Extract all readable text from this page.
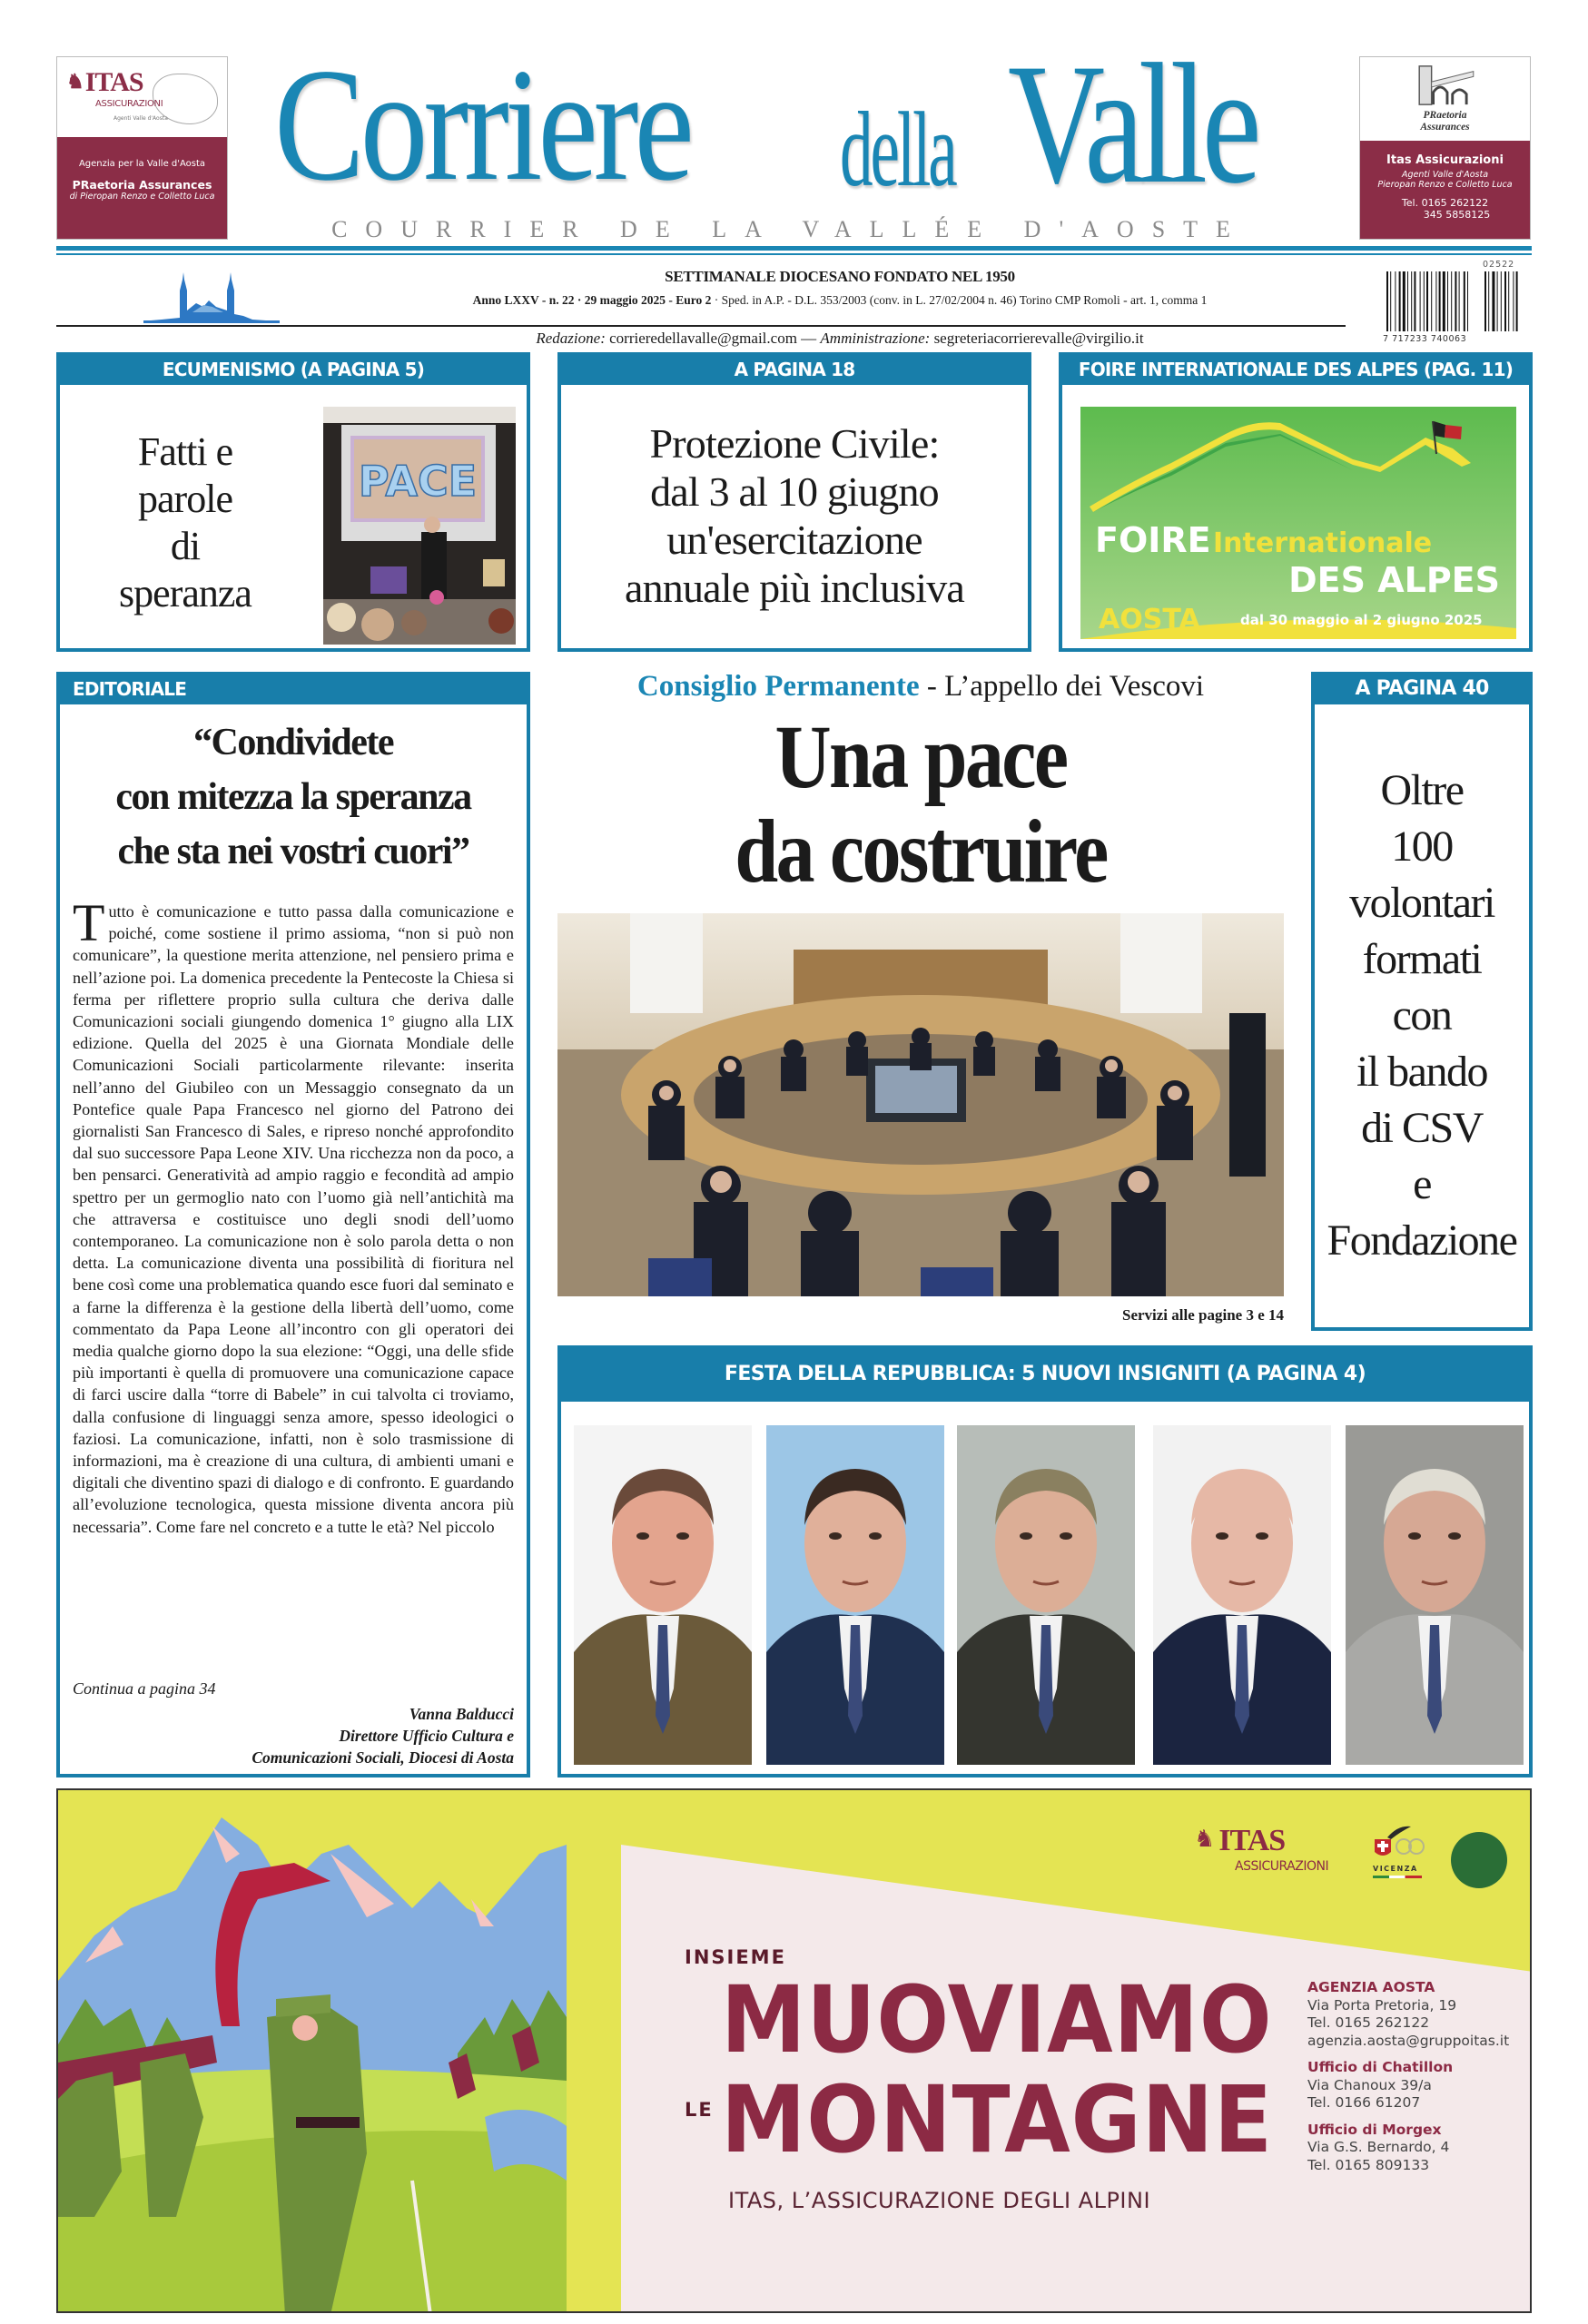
♞ITAS
ASSICURAZIONI
Agenti Valle d'Aosta
Agenzia per la Valle d'Aosta
PRaetoria Assurances
di Pieropan Renzo e Colletto Luca Corriere della Valle
COURRIER DE LA VALLÉE D'AOSTE
PRaetoria
Assurances
Itas Assicurazioni
Agenti Valle d'Aosta
Pieropan Renzo e Colletto Luca
Tel. 0165 262122
345 5858125
SETTIMANALE DIOCESANO FONDATO NEL 1950
Anno LXXV - n. 22 · 29 maggio 2025 - Euro 2 · Sped. in A.P. - D.L. 353/2003 (conv. in L. 27/02/2004 n. 46) Torino CMP Romoli - art. 1, comma 1
Redazione: corrieredellavalle@gmail.com — Amministrazione: segreteriacorrierevalle@virgilio.it
02522
7 717233 740063
ECUMENISMO (A PAGINA 5)
Fatti e
parole
di
speranza
PACE
A PAGINA 18
Protezione Civile:
dal 3 al 10 giugno
un'esercitazione
annuale più inclusiva
FOIRE INTERNATIONALE DES ALPES (PAG. 11)
FOIRE Internationale
DES ALPES
AOSTA	dal 30 maggio al 2 giugno 2025
EDITORIALE
“Condividete
con mitezza la speranza
che sta nei vostri cuori”
Tutto è comunicazione e tutto passa dalla comunicazione e poiché, come sostiene il primo assioma, “non si può non comunicare”, la questione merita attenzione, nel pensiero prima e nell’azione poi. La domenica precedente la Pentecoste la Chiesa si ferma per riflettere proprio sulla cultura che deriva dalle Comunicazioni sociali giungendo domenica 1° giugno alla LIX edizione. Quella del 2025 è una Giornata Mondiale delle Comunicazioni Sociali particolarmente rilevante: inserita nell’anno del Giubileo con un Messaggio consegnato da un Pontefice quale Papa Francesco nel giorno del Patrono dei giornalisti San Francesco di Sales, e ripreso nonché approfondito dal suo successore Papa Leone XIV. Una ricchezza non da poco, a ben pensarci. Generatività ad ampio raggio e fecondità ad ampio spettro per un germoglio nato con l’uomo già nell’antichità ma che attraversa e costituisce uno degli snodi dell’uomo contemporaneo. La comunicazione non è solo parola detta o non detta. La comunicazione diventa una possibilità di fioritura nel bene così come una problematica quando esce fuori dal seminato e a farne la differenza è la gestione della libertà dell’uomo, come commentato da Papa Leone all’incontro con gli operatori dei media qualche giorno dopo la sua elezione: “Oggi, una delle sfide più importanti è quella di promuovere una comunicazione capace di farci uscire dalla “torre di Babele” in cui talvolta ci troviamo, dalla confusione di linguaggi senza amore, spesso ideologici o faziosi. La comunicazione, infatti, non è solo trasmissione di informazioni, ma è creazione di una cultura, di ambienti umani e digitali che diventino spazi di dialogo e di confronto. E guardando all’evoluzione tecnologica, questa missione diventa ancora più necessaria”. Come fare nel concreto e a tutte le età? Nel piccolo
Continua a pagina 34
Vanna Balducci
Direttore Ufficio Cultura e
Comunicazioni Sociali, Diocesi di Aosta
Consiglio Permanente - L’appello dei Vescovi
Una pace
da costruire
Servizi alle pagine 3 e 14
A PAGINA 40
Oltre
100
volontari
formati
con
il bando
di CSV
e
Fondazione
FESTA DELLA REPUBBLICA: 5 NUOVI INSIGNITI (A PAGINA 4)
INSIEME
MUOVIAMO
LE MONTAGNE
ITAS, L’ASSICURAZIONE DEGLI ALPINI
♞ ITAS
ASSICURAZIONI	VICENZA
AGENZIA AOSTA
Via Porta Pretoria, 19
Tel. 0165 262122
agenzia.aosta@gruppoitas.it
Ufficio di Chatillon
Via Chanoux 39/a
Tel. 0166 61207
Ufficio di Morgex
Via G.S. Bernardo, 4
Tel. 0165 809133
